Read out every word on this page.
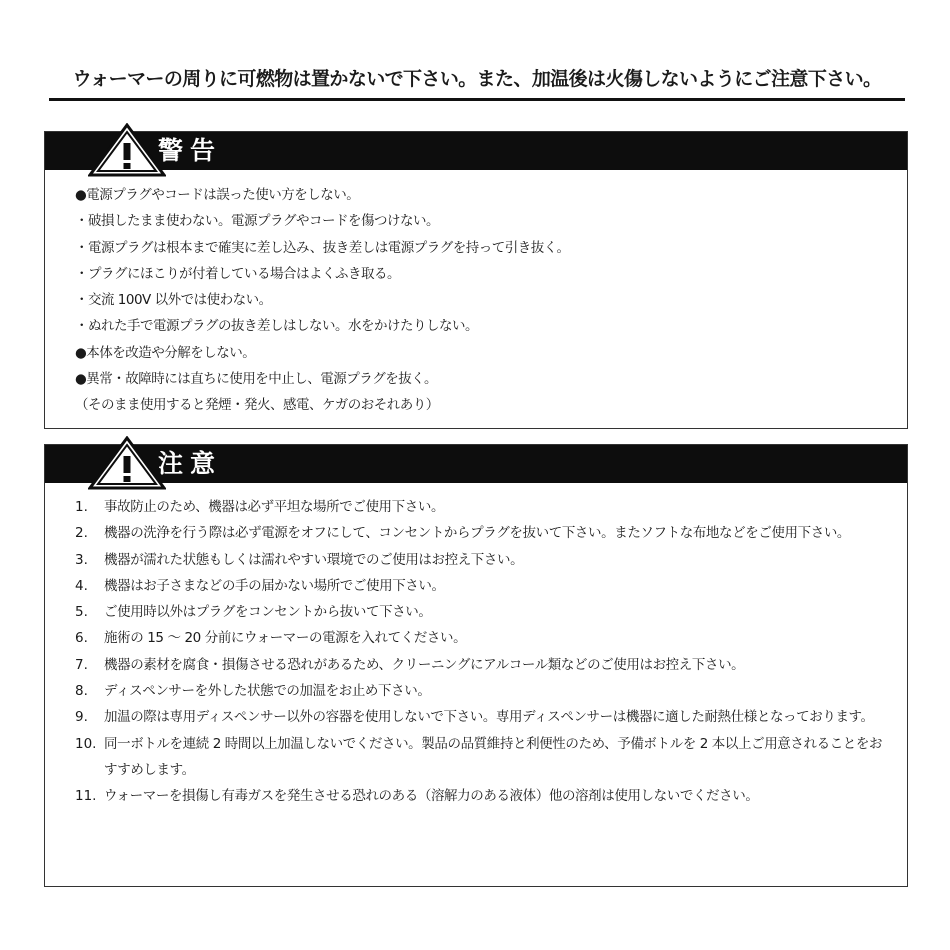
ウォーマーの周りに可燃物は置かないで下さい。また、加温後は火傷しないようにご注意下さい。
警告
●電源プラグやコードは誤った使い方をしない。
・破損したまま使わない。電源プラグやコードを傷つけない。
・電源プラグは根本まで確実に差し込み、抜き差しは電源プラグを持って引き抜く。
・プラグにほこりが付着している場合はよくふき取る。
・交流 100V 以外では使わない。
・ぬれた手で電源プラグの抜き差しはしない。水をかけたりしない。
●本体を改造や分解をしない。
●異常・故障時には直ちに使用を中止し、電源プラグを抜く。
（そのまま使用すると発煙・発火、感電、ケガのおそれあり）
注意
1.	事故防止のため、機器は必ず平坦な場所でご使用下さい。
2.	機器の洗浄を行う際は必ず電源をオフにして、コンセントからプラグを抜いて下さい。またソフトな布地などをご使用下さい。
3.	機器が濡れた状態もしくは濡れやすい環境でのご使用はお控え下さい。
4.	機器はお子さまなどの手の届かない場所でご使用下さい。
5.	ご使用時以外はプラグをコンセントから抜いて下さい。
6.	施術の 15 ～ 20 分前にウォーマーの電源を入れてください。
7.	機器の素材を腐食・損傷させる恐れがあるため、クリーニングにアルコール類などのご使用はお控え下さい。
8.	ディスペンサーを外した状態での加温をお止め下さい。
9.	加温の際は専用ディスペンサー以外の容器を使用しないで下さい。専用ディスペンサーは機器に適した耐熱仕様となっております。
10. 同一ボトルを連続 2 時間以上加温しないでください。製品の品質維持と利便性のため、予備ボトルを 2 本以上ご用意されることをおすすめします。
11. ウォーマーを損傷し有毒ガスを発生させる恐れのある（溶解力のある液体）他の溶剤は使用しないでください。
